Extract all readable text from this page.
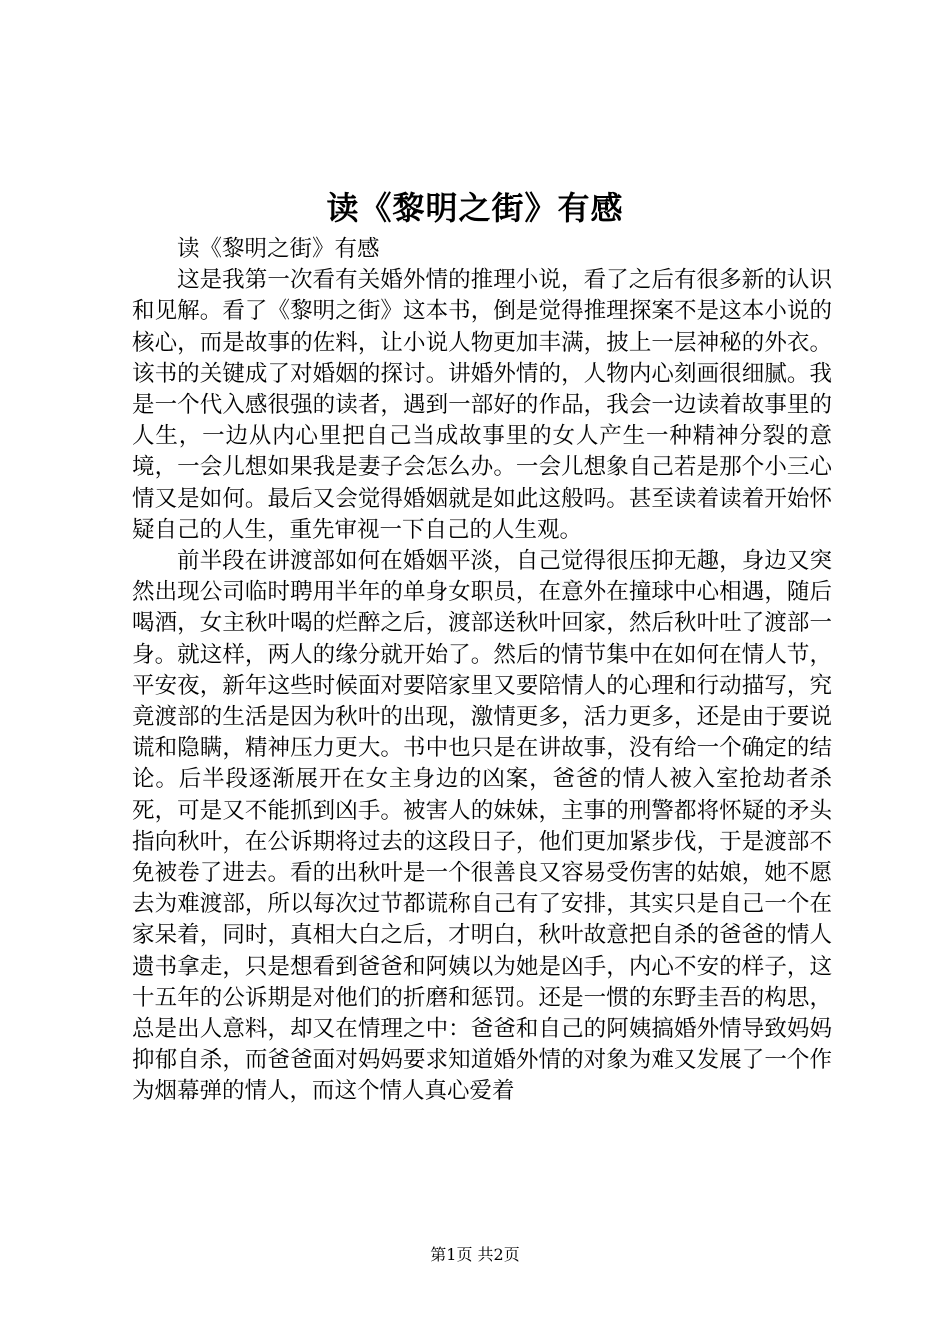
读《黎明之街》有感

读《黎明之街》有感

这是我第一次看有关婚外情的推理小说，看了之后有很多新的认识和见解。看了《黎明之街》这本书，倒是觉得推理探案不是这本小说的核心，而是故事的佐料，让小说人物更加丰满，披上一层神秘的外衣。该书的关键成了对婚姻的探讨。讲婚外情的，人物内心刻画很细腻。我是一个代入感很强的读者，遇到一部好的作品，我会一边读着故事里的人生，一边从内心里把自己当成故事里的女人产生一种精神分裂的意境，一会儿想如果我是妻子会怎么办。一会儿想象自己若是那个小三心情又是如何。最后又会觉得婚姻就是如此这般吗。甚至读着读着开始怀疑自己的人生，重先审视一下自己的人生观。

前半段在讲渡部如何在婚姻平淡，自己觉得很压抑无趣，身边又突然出现公司临时聘用半年的单身女职员，在意外在撞球中心相遇，随后喝酒，女主秋叶喝的烂醉之后，渡部送秋叶回家，然后秋叶吐了渡部一身。就这样，两人的缘分就开始了。然后的情节集中在如何在情人节，平安夜，新年这些时候面对要陪家里又要陪情人的心理和行动描写，究竟渡部的生活是因为秋叶的出现，激情更多，活力更多，还是由于要说谎和隐瞒，精神压力更大。书中也只是在讲故事，没有给一个确定的结论。后半段逐渐展开在女主身边的凶案，爸爸的情人被入室抢劫者杀死，可是又不能抓到凶手。被害人的妹妹，主事的刑警都将怀疑的矛头指向秋叶，在公诉期将过去的这段日子，他们更加紧步伐，于是渡部不免被卷了进去。看的出秋叶是一个很善良又容易受伤害的姑娘，她不愿去为难渡部，所以每次过节都谎称自己有了安排，其实只是自己一个在家呆着，同时，真相大白之后，才明白，秋叶故意把自杀的爸爸的情人遗书拿走，只是想看到爸爸和阿姨以为她是凶手，内心不安的样子，这十五年的公诉期是对他们的折磨和惩罚。还是一惯的东野圭吾的构思，总是出人意料，却又在情理之中：爸爸和自己的阿姨搞婚外情导致妈妈抑郁自杀，而爸爸面对妈妈要求知道婚外情的对象为难又发展了一个作为烟幕弹的情人，而这个情人真心爱着

第1页 共2页
